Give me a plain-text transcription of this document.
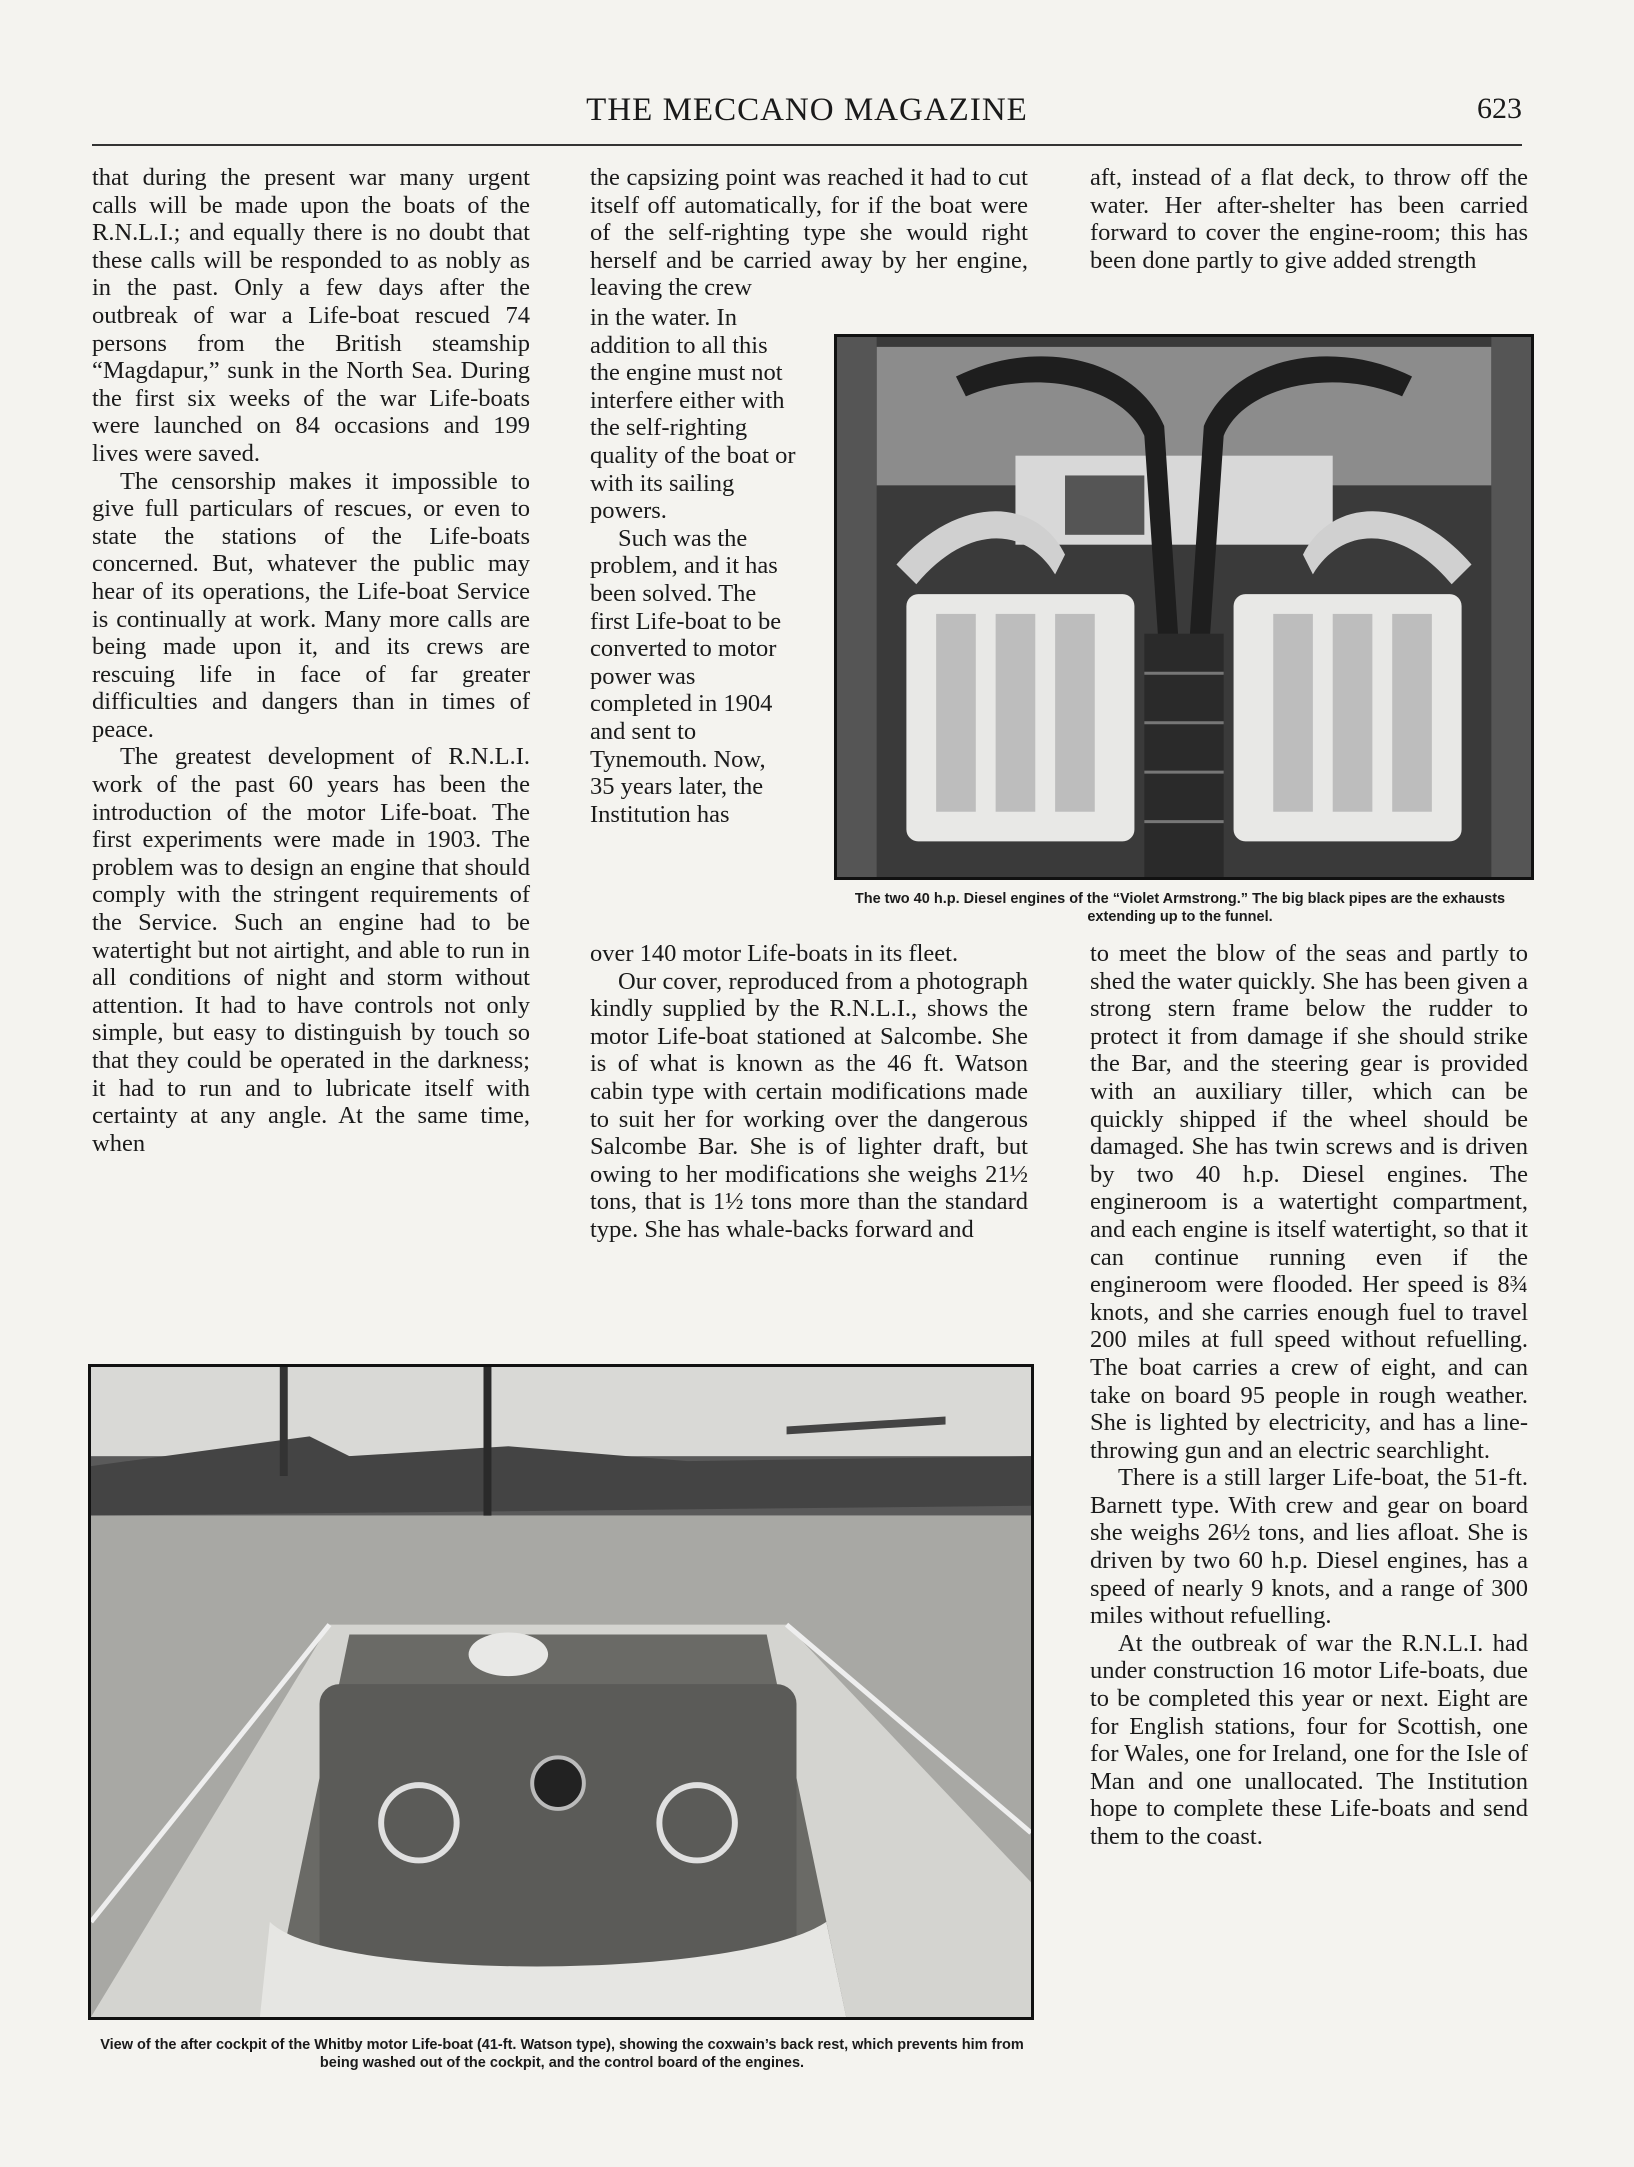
THE MECCANO MAGAZINE	623

that during the present war many urgent calls will be made upon the boats of the R.N.L.I.; and equally there is no doubt that these calls will be responded to as nobly as in the past. Only a few days after the outbreak of war a Life-boat rescued 74 persons from the British steamship “Magdapur,” sunk in the North Sea. During the first six weeks of the war Life-boats were launched on 84 occasions and 199 lives were saved.

The censorship makes it impossible to give full particulars of rescues, or even to state the stations of the Life-boats concerned. But, whatever the public may hear of its operations, the Life-boat Service is continually at work. Many more calls are being made upon it, and its crews are rescuing life in face of far greater difficulties and dangers than in times of peace.

The greatest development of R.N.L.I. work of the past 60 years has been the introduction of the motor Life-boat. The first experiments were made in 1903. The problem was to design an engine that should comply with the stringent requirements of the Service. Such an engine had to be watertight but not airtight, and able to run in all conditions of night and storm without attention. It had to have controls not only simple, but easy to distinguish by touch so that they could be operated in the darkness; it had to run and to lubricate itself with certainty at any angle. At the same time, when

the capsizing point was reached it had to cut itself off automatically, for if the boat were of the self-righting type she would right herself and be carried away by her engine, leaving the crew

in the water. In addition to all this the engine must not interfere either with the self-righting quality of the boat or with its sailing powers.

Such was the problem, and it has been solved. The first Life-boat to be converted to motor power was completed in 1904 and sent to Tynemouth. Now, 35 years later, the Institution has

over 140 motor Life-boats in its fleet.

Our cover, reproduced from a photograph kindly supplied by the R.N.L.I., shows the motor Life-boat stationed at Salcombe. She is of what is known as the 46 ft. Watson cabin type with certain modifications made to suit her for working over the dangerous Salcombe Bar. She is of lighter draft, but owing to her modifications she weighs 21½ tons, that is 1½ tons more than the standard type. She has whale-backs forward and

aft, instead of a flat deck, to throw off the water. Her after-shelter has been carried forward to cover the engine-room; this has been done partly to give added strength

to meet the blow of the seas and partly to shed the water quickly. She has been given a strong stern frame below the rudder to protect it from damage if she should strike the Bar, and the steering gear is provided with an auxiliary tiller, which can be quickly shipped if the wheel should be damaged. She has twin screws and is driven by two 40 h.p. Diesel engines. The engineroom is a watertight compartment, and each engine is itself watertight, so that it can continue running even if the engineroom were flooded. Her speed is 8¾ knots, and she carries enough fuel to travel 200 miles at full speed without refuelling. The boat carries a crew of eight, and can take on board 95 people in rough weather. She is lighted by electricity, and has a line-throwing gun and an electric searchlight.

There is a still larger Life-boat, the 51-ft. Barnett type. With crew and gear on board she weighs 26½ tons, and lies afloat. She is driven by two 60 h.p. Diesel engines, has a speed of nearly 9 knots, and a range of 300 miles without refuelling.

At the outbreak of war the R.N.L.I. had under construction 16 motor Life-boats, due to be completed this year or next. Eight are for English stations, four for Scottish, one for Wales, one for Ireland, one for the Isle of Man and one unallocated. The Institution hope to complete these Life-boats and send them to the coast.

The two 40 h.p. Diesel engines of the “Violet Armstrong.” The big black pipes are the exhausts extending up to the funnel.
View of the after cockpit of the Whitby motor Life-boat (41-ft. Watson type), showing the coxwain’s back rest, which prevents him from being washed out of the cockpit, and the control board of the engines.
